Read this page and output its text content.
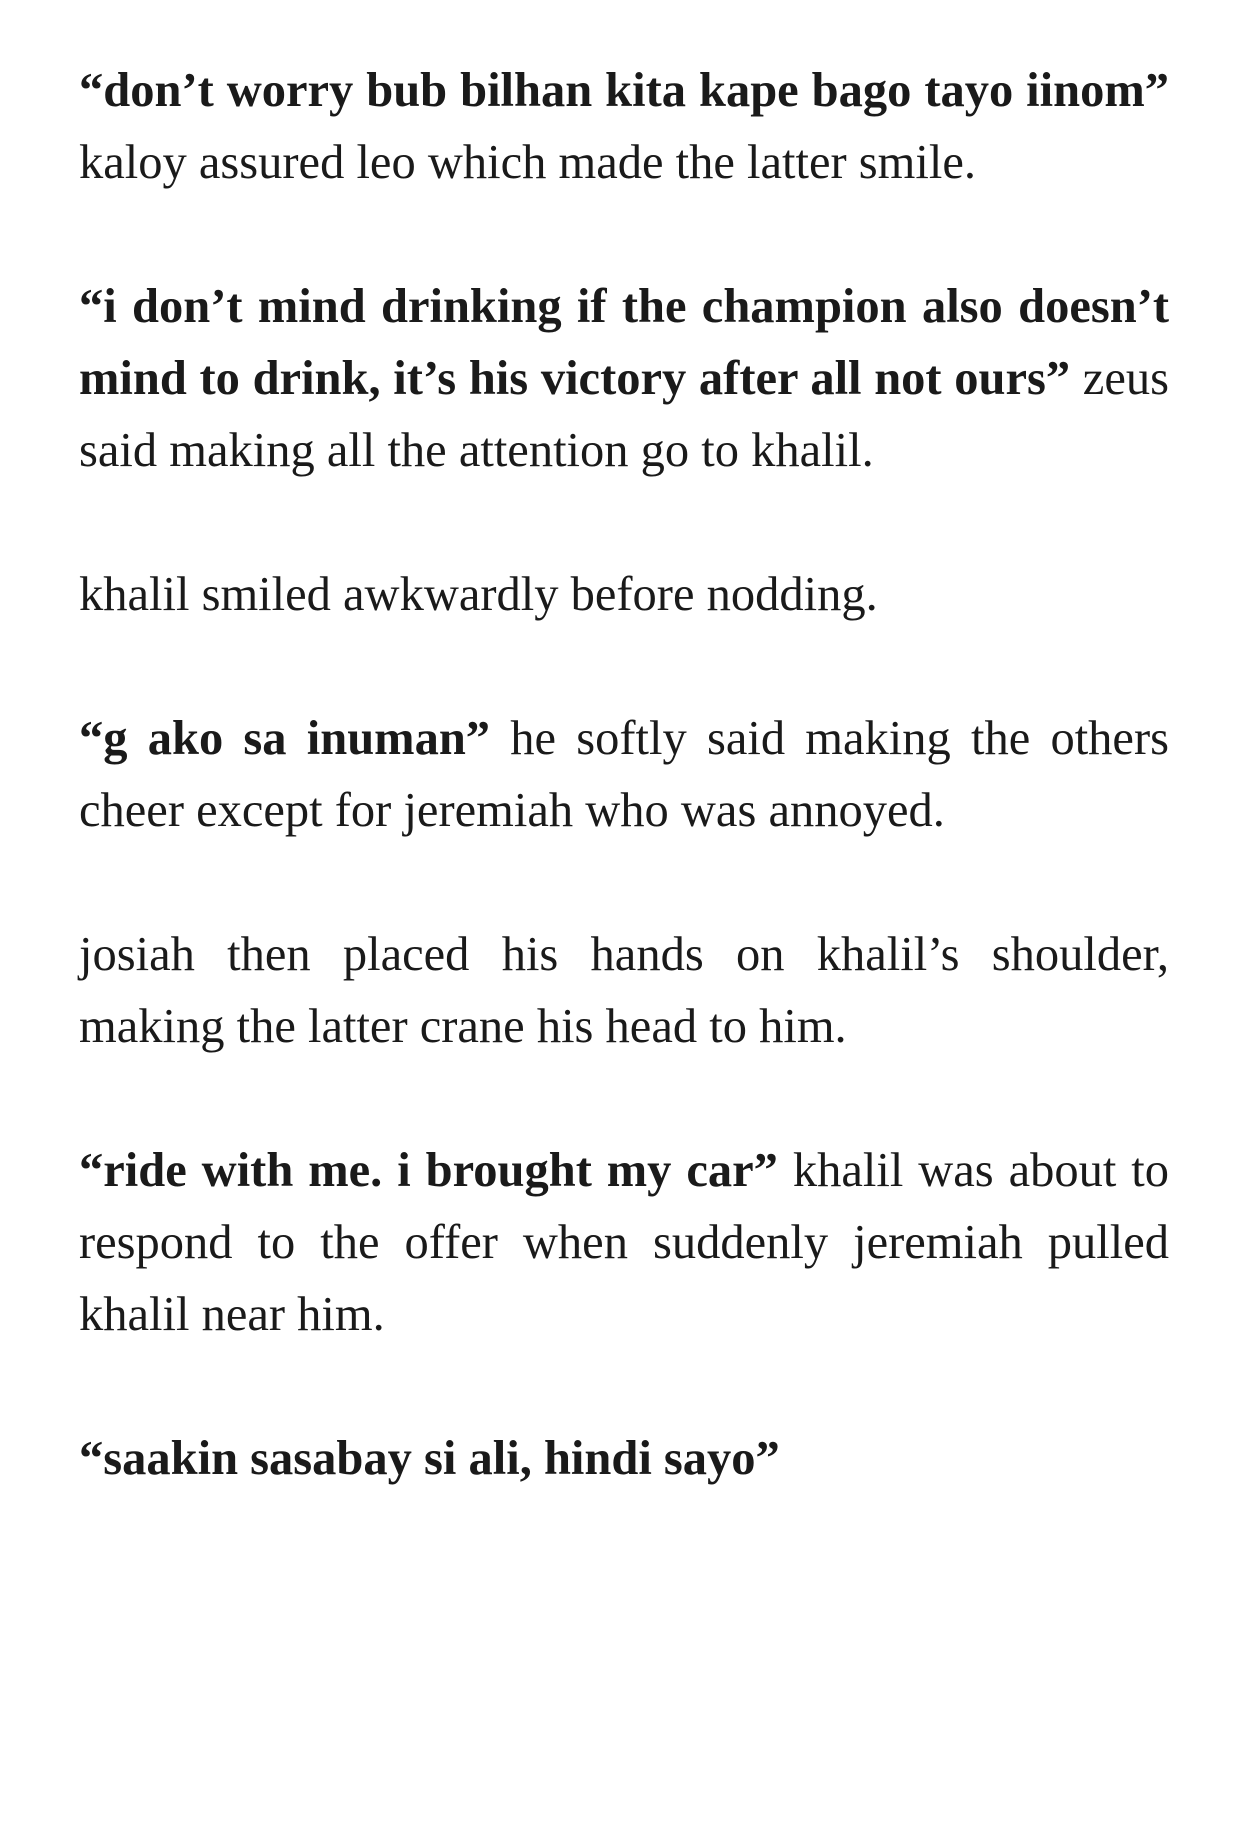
“don’t worry bub bilhan kita kape bago tayo iinom” kaloy assured leo which made the latter smile.

“i don’t mind drinking if the champion also doesn’t mind to drink, it’s his victory after all not ours” zeus said making all the attention go to khalil.

khalil smiled awkwardly before nodding.

“g ako sa inuman” he softly said making the others cheer except for jeremiah who was annoyed.

josiah then placed his hands on khalil’s shoulder, making the latter crane his head to him.

“ride with me. i brought my car” khalil was about to respond to the offer when suddenly jeremiah pulled khalil near him.

“saakin sasabay si ali, hindi sayo”
